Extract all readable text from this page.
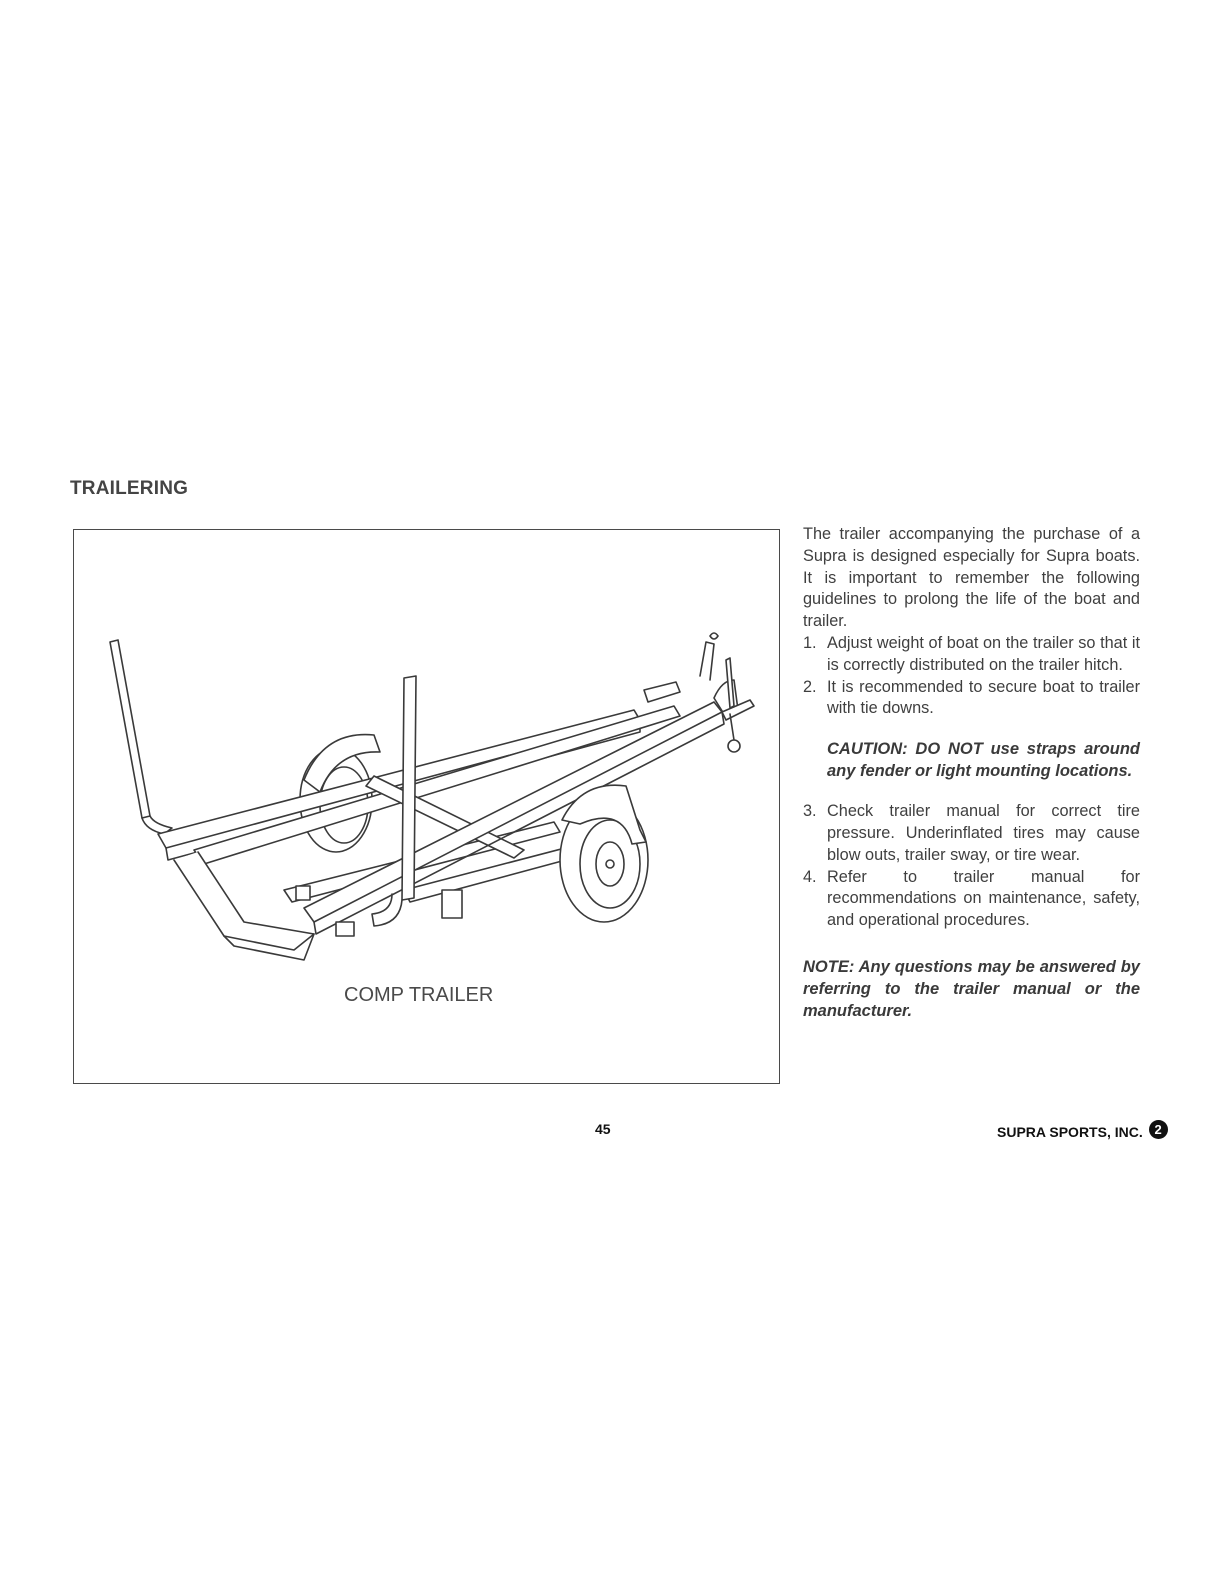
TRAILERING
COMP TRAILER

The trailer accompanying the purchase of a Supra is designed especially for Supra boats. It is important to remember the following guidelines to prolong the life of the boat and trailer.

1. Adjust weight of boat on the trailer so that it is correctly distributed on the trailer hitch.
2. It is recommended to secure boat to trailer with tie downs.
CAUTION: DO NOT use straps around any fender or light mounting locations.
3. Check trailer manual for correct tire pressure. Underinflated tires may cause blow outs, trailer sway, or tire wear.
4. Refer to trailer manual for recommendations on maintenance, safety, and operational procedures.
NOTE: Any questions may be answered by referring to the trailer manual or the manufacturer.
45	SUPRA SPORTS, INC. 2
